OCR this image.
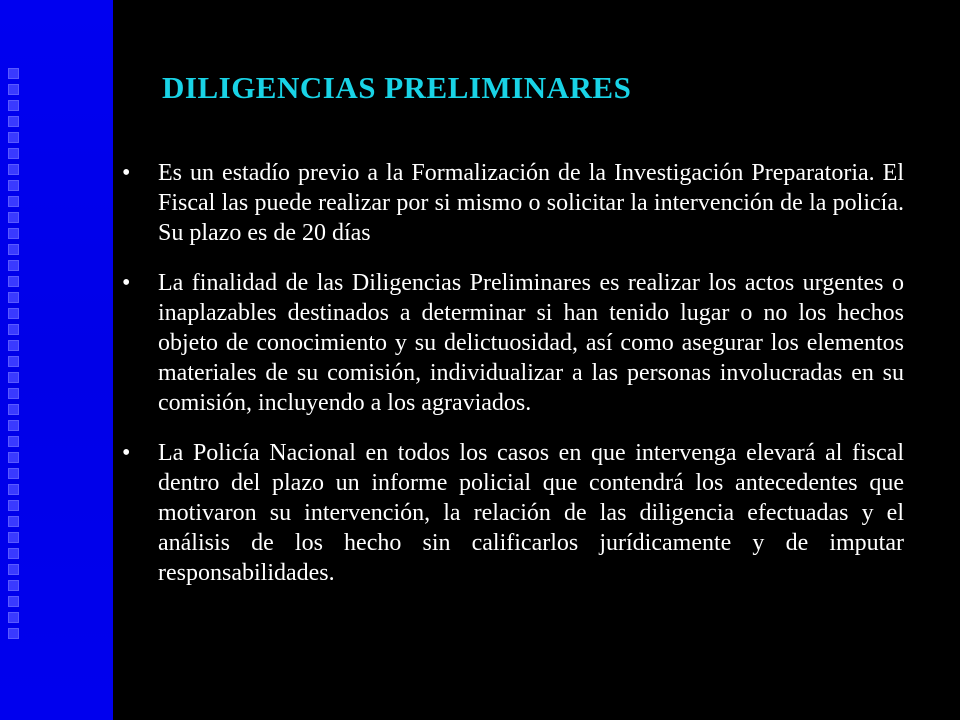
DILIGENCIAS PRELIMINARES
• Es un estadío previo a la Formalización de la Investigación Preparatoria. El Fiscal las puede realizar por si mismo o solicitar la intervención de la policía. Su plazo es de 20 días
• La finalidad de las Diligencias Preliminares es realizar los actos urgentes o inaplazables destinados a determinar si han tenido lugar o no los hechos objeto de conocimiento y su delictuosidad, así como asegurar los elementos materiales de su comisión, individualizar a las personas involucradas en su comisión, incluyendo a los agraviados.
• La Policía Nacional en todos los casos en que intervenga elevará al fiscal dentro del plazo un informe policial que contendrá los antecedentes que motivaron su intervención, la relación de las diligencia efectuadas y el análisis de los hecho sin calificarlos jurídicamente y de imputar responsabilidades.
